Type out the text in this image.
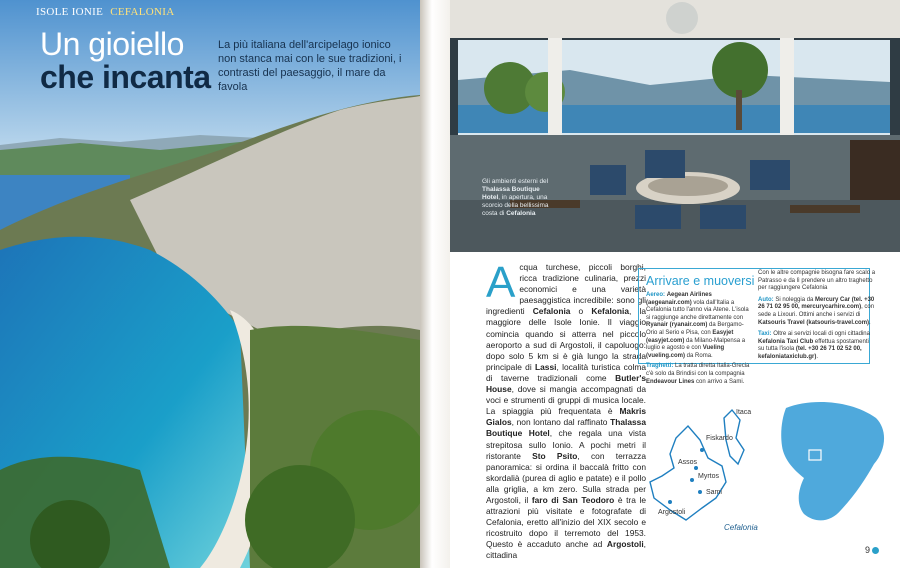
ISOLE IONIE CEFALONIA
Un gioiello
che incanta

La più italiana dell'arcipelago ionico non stanca mai con le sue tradizioni, i contrasti del paesaggio, il mare da favola

Gli ambienti esterni del Thalassa Boutique Hotel, in apertura, una scorcio della bellissima costa di Cefalonia

Acqua turchese, piccoli borghi, ricca tradizione culinaria, prezzi economici e una varietà paesaggistica incredibile: sono gli ingredienti Cefalonia o Kefalonia, la maggiore delle Isole Ionie. Il viaggio comincia quando si atterra nel piccolo aeroporto a sud di Argostoli, il capoluogo: dopo solo 5 km si è già lungo la strada principale di Lassi, località turistica colma di taverne tradizionali come Butler's House, dove si mangia accompagnati da voci e strumenti di gruppi di musica locale. La spiaggia più frequentata è Makris Gialos, non lontano dal raffinato Thalassa Boutique Hotel, che regala una vista strepitosa sullo Ionio. A pochi metri il ristorante Sto Psito, con terrazza panoramica: si ordina il baccalà fritto con skordalià (purea di aglio e patate) e il pollo alla griglia, a km zero. Sulla strada per Argostoli, il faro di San Teodoro è tra le attrazioni più visitate e fotografate di Cefalonia, eretto all'inizio del XIX secolo e ricostruito dopo il terremoto del 1953. Questo è accaduto anche ad Argostoli, cittadina
Arrivare e muoversi

Aereo: Aegean Airlines (aegeanair.com) vola dall'Italia a Cefalonia tutto l'anno via Atene. L'isola si raggiunge anche direttamente con Ryanair (ryanair.com) da Bergamo-Orio al Serio e Pisa, con Easyjet (easyjet.com) da Milano-Malpensa a luglio e agosto e con Vueling (vueling.com) da Roma.

Traghetti: La tratta diretta Italia-Grecia c'è solo da Brindisi con la compagnia Endeavour Lines con arrivo a Sami.

Con le altre compagnie bisogna fare scalo a Patrasso e da lì prendere un altro traghetto per raggiungere Cefalonia

Auto: Si noleggia da Mercury Car (tel. +30 26 71 02 95 00, mercurycarhire.com), con sede a Lixouri. Ottimi anche i servizi di Katsouris Travel (katsouris-travel.com).

Taxi: Oltre ai servizi locali di ogni cittadina Kefalonia Taxi Club effettua spostamenti su tutta l'isola (tel. +30 26 71 02 52 00, kefaloniataxiclub.gr).

Itaca
Fiskardo
Assos
Myrtos
Sami
Argostoli
Cefalonia
9
